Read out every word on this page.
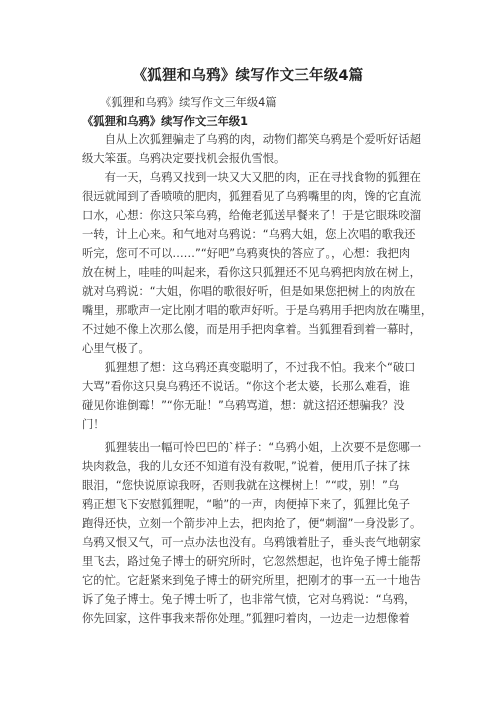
《狐狸和乌鸦》续写作文三年级4篇
《狐狸和乌鸦》续写作文三年级4篇
《狐狸和乌鸦》续写作文三年级1
　　自从上次狐狸骗走了乌鸦的肉，动物们都笑乌鸦是个爱听好话超
级大笨蛋。乌鸦决定要找机会报仇雪恨。
　　有一天，乌鸦又找到一块又大又肥的肉，正在寻找食物的狐狸在
很远就闻到了香喷喷的肥肉，狐狸看见了乌鸦嘴里的肉，馋的它直流
口水，心想：你这只笨乌鸦，给俺老狐送早餐来了！于是它眼珠咬溜
一转，计上心来。和气地对乌鸦说：“乌鸦大姐，您上次唱的歌我还
听完，您可不可以……”“好吧”乌鸦爽快的答应了。，心想：我把肉
放在树上，哇哇的叫起来，看你这只狐狸还不见乌鸦把肉放在树上，
就对乌鸦说：“大姐，你唱的歌很好听，但是如果您把树上的肉放在
嘴里，那歌声一定比刚才唱的歌声好听。于是乌鸦用手把肉放在嘴里，
不过她不像上次那么傻，而是用手把肉拿着。当狐狸看到着一幕时，
心里气极了。
　　狐狸想了想：这乌鸦还真变聪明了，不过我不怕。我来个“破口
大骂”看你这只臭乌鸦还不说话。“你这个老太婆，长那么难看，谁
碰见你谁倒霉！”“你无耻！”乌鸦骂道，想：就这招还想骗我？没
门！
　　狐狸装出一幅可怜巴巴的`样子：“乌鸦小姐，上次要不是您哪一
块肉救急，我的儿女还不知道有没有救呢，”说着，便用爪子抹了抹
眼泪，“您快说原谅我呀，否则我就在这棵树上！”“哎，别！”乌
鸦正想飞下安慰狐狸呢，“啪”的一声，肉便掉下来了，狐狸比兔子
跑得还快，立刻一个箭步冲上去，把肉抢了，便“刺溜”一身没影了。
乌鸦又恨又气，可一点办法也没有。乌鸦饿着肚子，垂头丧气地朝家
里飞去，路过兔子博士的研究所时，它忽然想起，也许兔子博士能帮
它的忙。它赶紧来到兔子博士的研究所里，把刚才的事一五一十地告
诉了兔子博士。兔子博士听了，也非常气愤，它对乌鸦说：“乌鸦，
你先回家，这件事我来帮你处理。”狐狸叼着肉，一边走一边想像着
